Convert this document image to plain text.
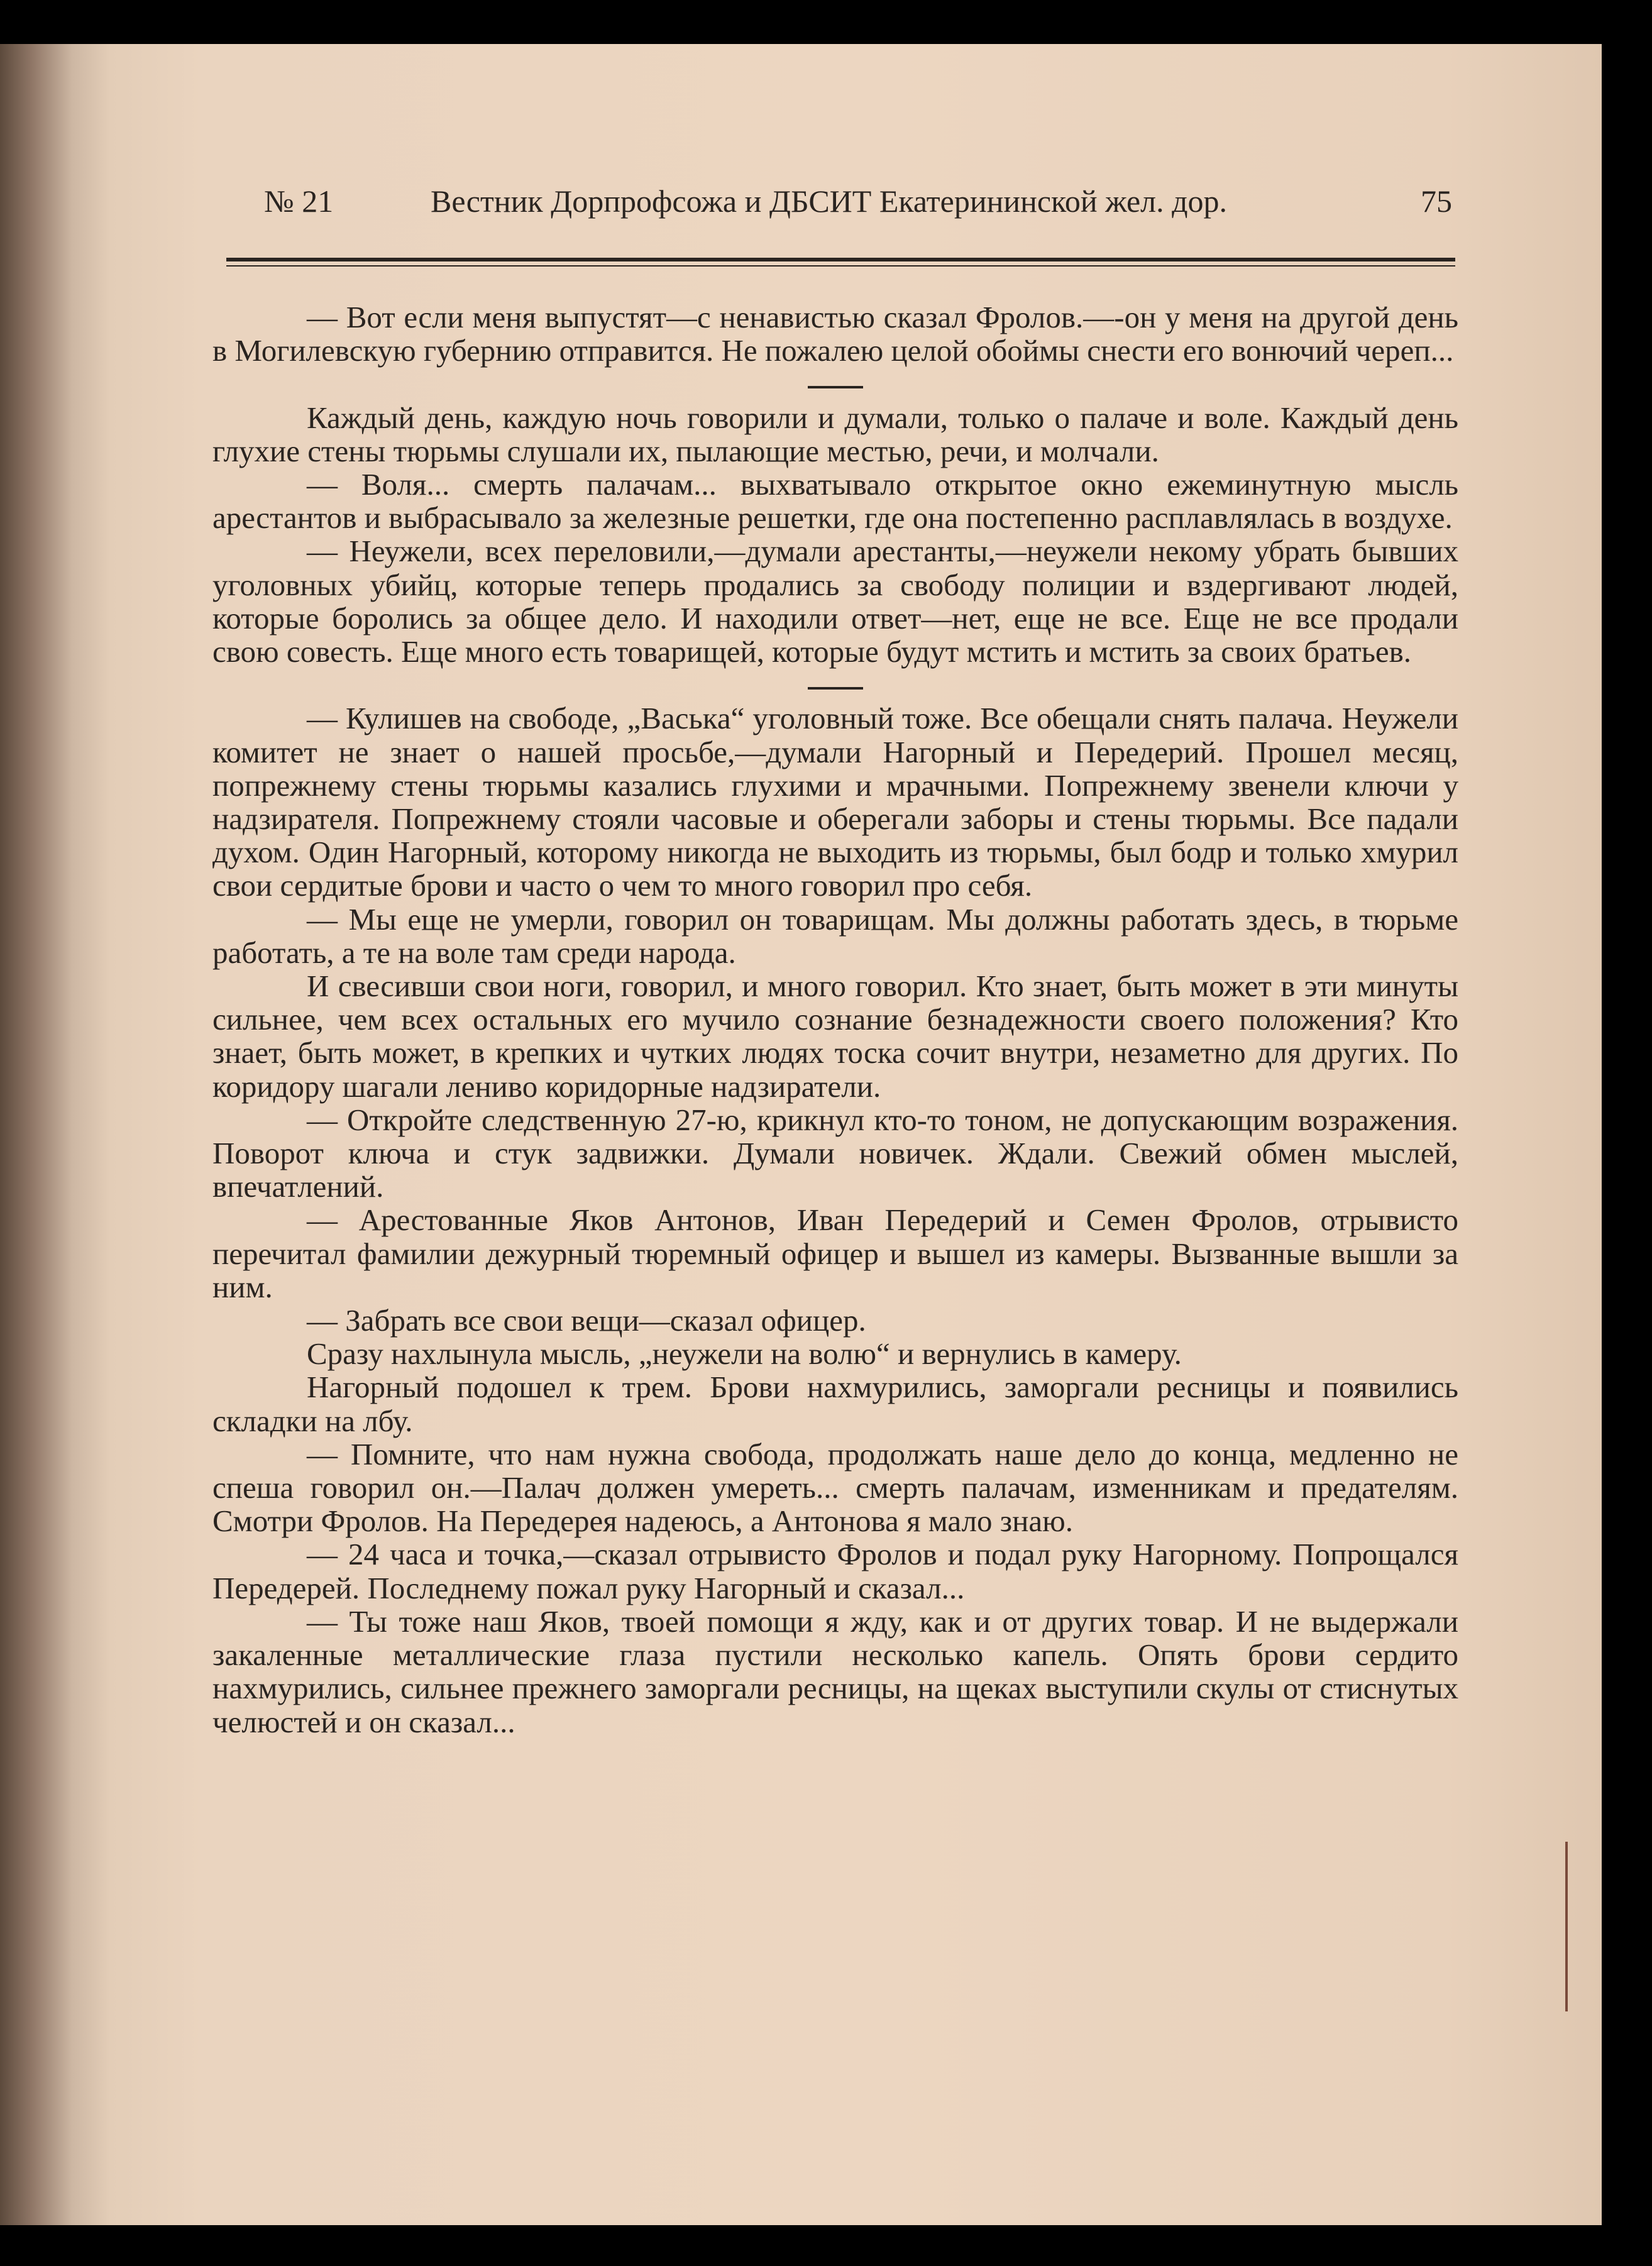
№ 21	Вестник Дорпрофсожа и ДБСИТ Екатерининской жел. дор.	75

— Вот если меня выпустят—с ненавистью сказал Фролов.—-он у меня на другой день в Могилевскую губернию отправится. Не пожалею целой обоймы снести его вонючий череп...

Каждый день, каждую ночь говорили и думали, только о палаче и воле. Каждый день глухие стены тюрьмы слушали их, пылающие местью, речи, и молчали.

— Воля... смерть палачам... выхватывало открытое окно ежеминутную мысль арестантов и выбрасывало за железные решетки, где она постепенно расплавлялась в воздухе.

— Неужели, всех переловили,—думали арестанты,—неужели некому убрать бывших уголовных убийц, которые теперь продались за свободу полиции и вздергивают людей, которые боролись за общее дело. И находили ответ—нет, еще не все. Еще не все продали свою совесть. Еще много есть товарищей, которые будут мстить и мстить за своих братьев.

— Кулишев на свободе, „Васька“ уголовный тоже. Все обещали снять палача. Неужели комитет не знает о нашей просьбе,—думали Нагорный и Передерий. Прошел месяц, попрежнему стены тюрьмы казались глухими и мрачными. Попрежнему звенели ключи у надзирателя. Попрежнему стояли часовые и оберегали заборы и стены тюрьмы. Все падали духом. Один Нагорный, которому никогда не выходить из тюрьмы, был бодр и только хмурил свои сердитые брови и часто о чем то много говорил про себя.

— Мы еще не умерли, говорил он товарищам. Мы должны работать здесь, в тюрьме работать, а те на воле там среди народа.

И свесивши свои ноги, говорил, и много говорил. Кто знает, быть может в эти минуты сильнее, чем всех остальных его мучило сознание безнадежности своего положения? Кто знает, быть может, в крепких и чутких людях тоска сочит внутри, незаметно для других. По коридору шагали лениво коридорные надзиратели.

— Откройте следственную 27-ю, крикнул кто-то тоном, не допускающим возражения. Поворот ключа и стук задвижки. Думали новичек. Ждали. Свежий обмен мыслей, впечатлений.

— Арестованные Яков Антонов, Иван Передерий и Семен Фролов, отрывисто перечитал фамилии дежурный тюремный офицер и вышел из камеры. Вызванные вышли за ним.

— Забрать все свои вещи—сказал офицер.

Сразу нахлынула мысль, „неужели на волю“ и вернулись в камеру.

Нагорный подошел к трем. Брови нахмурились, заморгали ресницы и появились складки на лбу.

— Помните, что нам нужна свобода, продолжать наше дело до конца, медленно не спеша говорил он.—Палач должен умереть... смерть палачам, изменникам и предателям. Смотри Фролов. На Передерея надеюсь, а Антонова я мало знаю.

— 24 часа и точка,—сказал отрывисто Фролов и подал руку Нагорному. Попрощался Передерей. Последнему пожал руку Нагорный и сказал...

— Ты тоже наш Яков, твоей помощи я жду, как и от других товар. И не выдержали закаленные металлические глаза пустили несколько капель. Опять брови сердито нахмурились, сильнее прежнего заморгали ресницы, на щеках выступили скулы от стиснутых челюстей и он сказал...
